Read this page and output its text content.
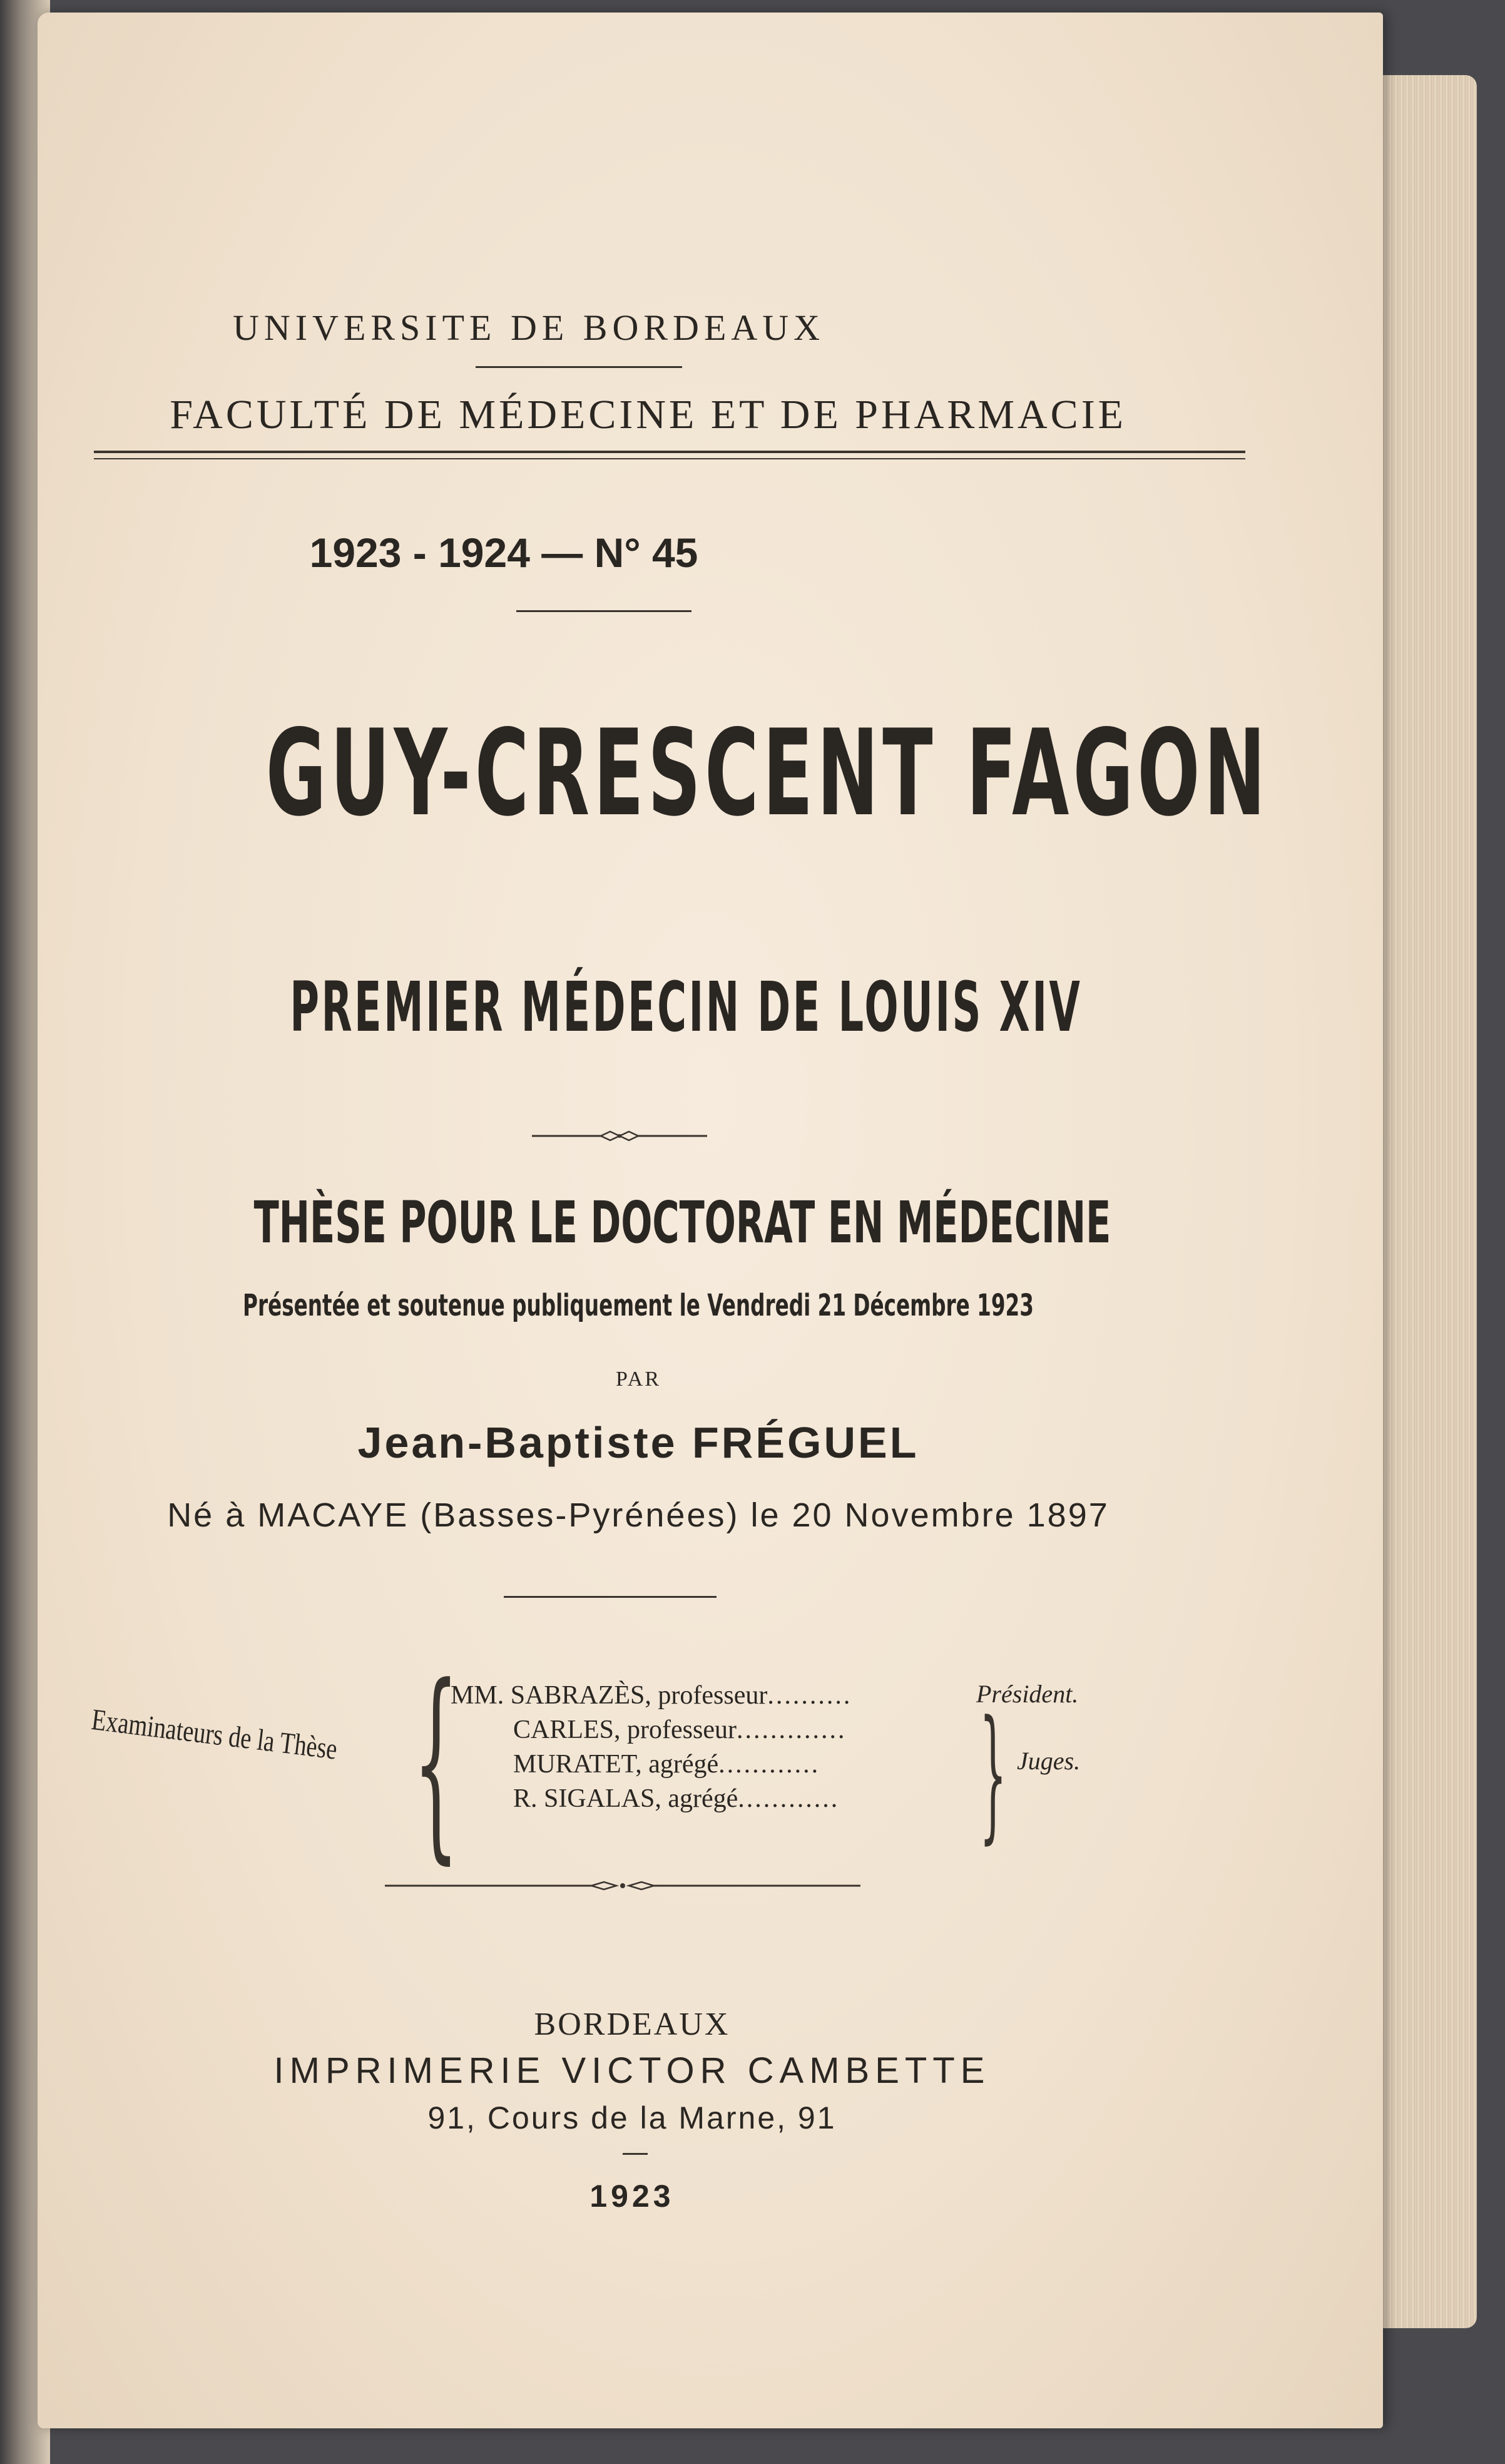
UNIVERSITE DE BORDEAUX
FACULTÉ DE MÉDECINE ET DE PHARMACIE
1923 - 1924 — N° 45
GUY-CRESCENT FAGON
PREMIER MÉDECIN DE LOUIS XIV
THÈSE POUR LE DOCTORAT EN MÉDECINE
Présentée et soutenue publiquement le Vendredi 21 Décembre 1923
PAR
Jean-Baptiste FRÉGUEL
Né à MACAYE (Basses-Pyrénées) le 20 Novembre 1897
Examinateurs de la Thèse {
MM. SABRAZÈS, professeur..........	Président.
CARLES, professeur.............
MURATET, agrégé............ } Juges.
R. SIGALAS, agrégé............
BORDEAUX
IMPRIMERIE VICTOR CAMBETTE
91, Cours de la Marne, 91
1923
